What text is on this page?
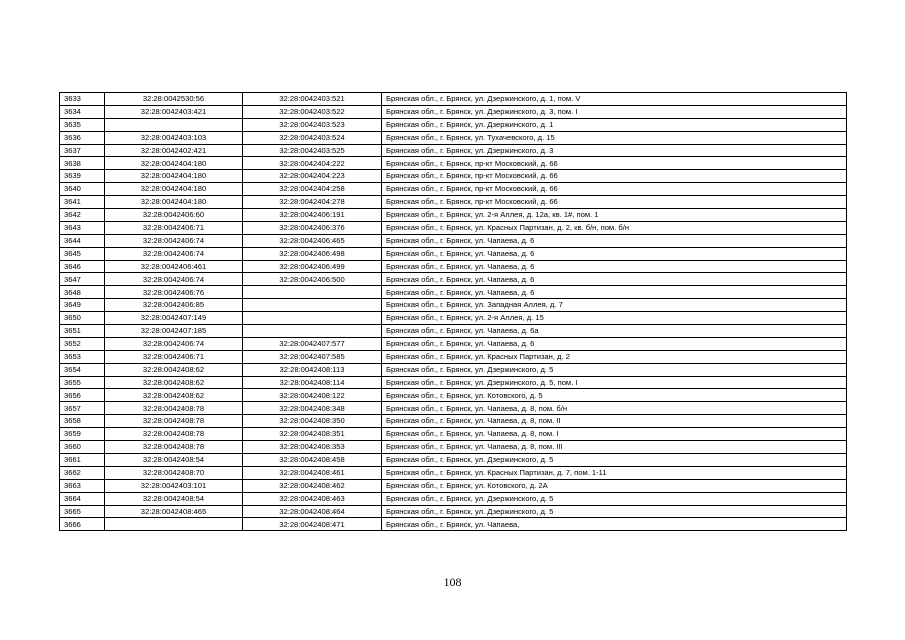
3633	32:28:0042530:56	32:28:0042403:521	Брянская обл., г. Брянск, ул. Дзержинского, д. 1, пом. V
3634	32:28:0042403:421	32:28:0042403:522	Брянская обл., г. Брянск, ул. Дзержинского, д. 3, пом. I
3635		32:28:0042403:523	Брянская обл., г. Брянск, ул. Дзержинского, д. 1
3636	32:28:0042403:103	32:28:0042403:524	Брянская обл., г. Брянск, ул. Тухачевского, д. 15
3637	32:28:0042402:421	32:28:0042403:525	Брянская обл., г. Брянск, ул. Дзержинского, д. 3
3638	32:28:0042404:180	32:28:0042404:222	Брянская обл., г. Брянск, пр-кт Московский, д. 66
3639	32:28:0042404:180	32:28:0042404:223	Брянская обл., г. Брянск, пр-кт Московский, д. 66
3640	32:28:0042404:180	32:28:0042404:258	Брянская обл., г. Брянск, пр-кт Московский, д. 66
3641	32:28:0042404:180	32:28:0042404:278	Брянская обл., г. Брянск, пр-кт Московский, д. 66
3642	32:28:0042406:60	32:28:0042406:191	Брянская обл., г. Брянск, ул. 2-я Аллея, д. 12а, кв. 1#, пом. 1
3643	32:28:0042406:71	32:28:0042406:376	Брянская обл., г. Брянск, ул. Красных Партизан, д. 2, кв. б/н, пом. б/н
3644	32:28:0042406:74	32:28:0042406:465	Брянская обл., г. Брянск, ул. Чапаева, д. 6
3645	32:28:0042406:74	32:28:0042406:498	Брянская обл., г. Брянск, ул. Чапаева, д. 6
3646	32:28:0042406:461	32:28:0042406:499	Брянская обл., г. Брянск, ул. Чапаева, д. 6
3647	32:28:0042406:74	32:28:0042406:500	Брянская обл., г. Брянск, ул. Чапаева, д. 6
3648	32:28:0042406:76		Брянская обл., г. Брянск, ул. Чапаева, д. 6
3649	32:28:0042406:85		Брянская обл., г. Брянск, ул. Западная Аллея, д. 7
3650	32:28:0042407:149		Брянская обл., г. Брянск, ул. 2-я Аллея, д. 15
3651	32:28:0042407:185		Брянская обл., г. Брянск, ул. Чапаева, д. 6а
3652	32:28:0042406:74	32:28:0042407:577	Брянская обл., г. Брянск, ул. Чапаева, д. 6
3653	32:28:0042406:71	32:28:0042407:585	Брянская обл., г. Брянск, ул. Красных Партизан, д. 2
3654	32:28:0042408:62	32:28:0042408:113	Брянская обл., г. Брянск, ул. Дзержинского, д. 5
3655	32:28:0042408:62	32:28:0042408:114	Брянская обл., г. Брянск, ул. Дзержинского, д. 5, пом. I
3656	32:28:0042408:62	32:28:0042408:122	Брянская обл., г. Брянск, ул. Котовского, д. 5
3657	32:28:0042408:78	32:28:0042408:348	Брянская обл., г. Брянск, ул. Чапаева, д. 8, пом. б/н
3658	32:28:0042408:78	32:28:0042408:350	Брянская обл., г. Брянск, ул. Чапаева, д. 8, пом. II
3659	32:28:0042408:78	32:28:0042408:351	Брянская обл., г. Брянск, ул. Чапаева, д. 8, пом. I
3660	32:28:0042408:78	32:28:0042408:353	Брянская обл., г. Брянск, ул. Чапаева, д. 8, пом. III
3661	32:28:0042408:54	32:28:0042408:458	Брянская обл., г. Брянск, ул. Дзержинского, д. 5
3662	32:28:0042408:70	32:28:0042408:461	Брянская обл., г. Брянск, ул. Красных Партизан, д. 7, пом. 1-11
3663	32:28:0042403:101	32:28:0042408:462	Брянская обл., г. Брянск, ул. Котовского, д. 2А
3664	32:28:0042408:54	32:28:0042408:463	Брянская обл., г. Брянск, ул. Дзержинского, д. 5
3665	32:28:0042408:465	32:28:0042408:464	Брянская обл., г. Брянск, ул. Дзержинского, д. 5
3666		32:28:0042408:471	Брянская обл., г. Брянск, ул. Чапаева,
108
